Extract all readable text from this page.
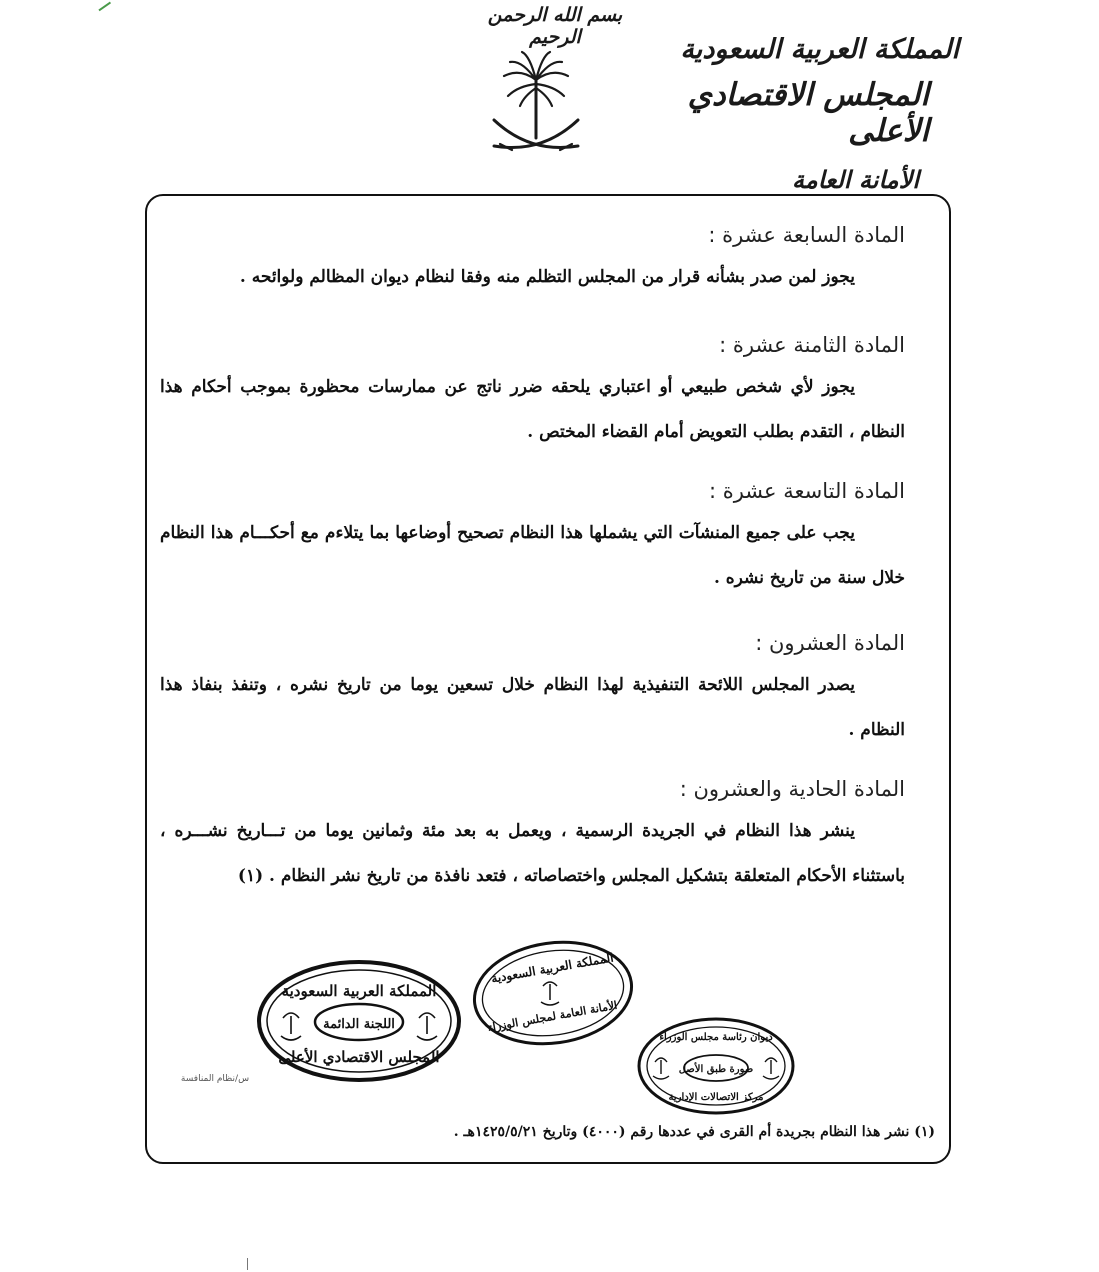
بسم الله الرحمن الرحيم	المملكة العربية السعودية
المجلس الاقتصادي الأعلى
الأمانة العامة
المادة السابعة عشرة :
يجوز لمن صدر بشأنه قرار من المجلس التظلم منه وفقا لنظام ديوان المظالم ولوائحه .
المادة الثامنة عشرة :
يجوز لأي شخص طبيعي أو اعتباري يلحقه ضرر ناتج عن ممارسات محظورة بموجب أحكام هذا النظام ، التقدم بطلب التعويض أمام القضاء المختص .
المادة التاسعة عشرة :
يجب على جميع المنشآت التي يشملها هذا النظام تصحيح أوضاعها بما يتلاءم مع أحكـــام هذا النظام خلال سنة من تاريخ نشره .
المادة العشرون :
يصدر المجلس اللائحة التنفيذية لهذا النظام خلال تسعين يوما من تاريخ نشره ، وتنفذ بنفاذ هذا النظام .
المادة الحادية والعشرون :
ينشر هذا النظام في الجريدة الرسمية ، ويعمل به بعد مئة وثمانين يوما من تـــاريخ نشـــره ، باستثناء الأحكام المتعلقة بتشكيل المجلس واختصاصاته ، فتعد نافذة من تاريخ نشر النظام . (١)
المملكة العربية السعودية
اللجنة الدائمة
المجلس الاقتصادي الأعلى
المملكة العربية السعودية
الأمانة العامة لمجلس الوزراء
ديوان رئاسة مجلس الوزراء
صورة طبق الأصل
مركز الاتصالات الإدارية
س/نظام المنافسة
(١) نشر هذا النظام بجريدة أم القرى في عددها رقم (٤٠٠٠) وتاريخ ١٤٢٥/٥/٢١هـ .
